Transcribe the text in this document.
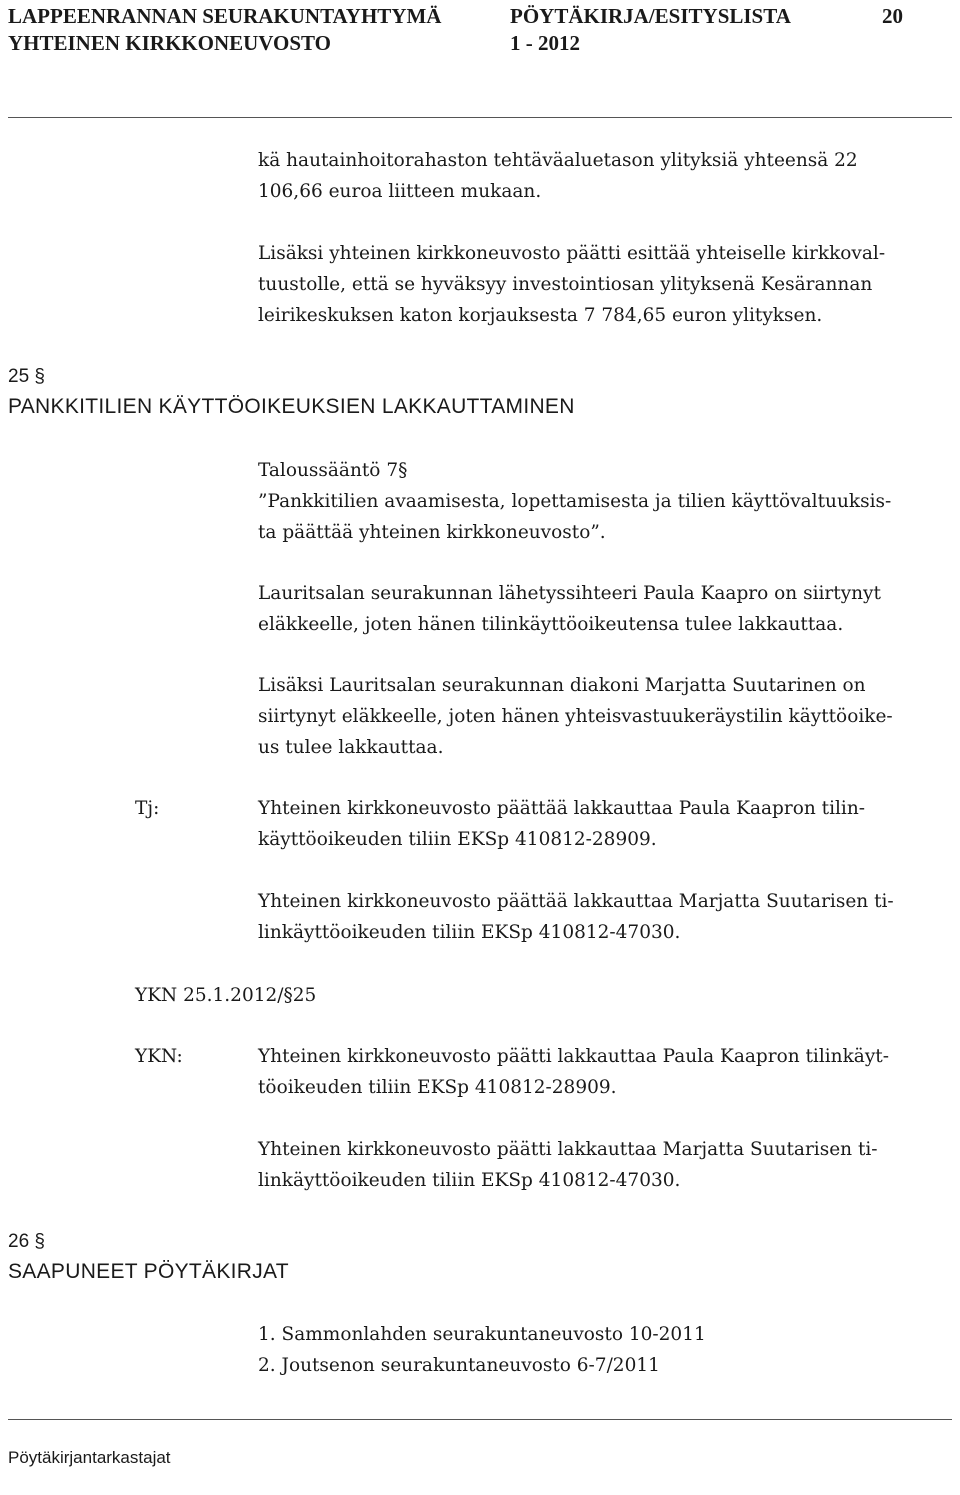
LAPPEENRANNAN SEURAKUNTAYHTYMÄ	PÖYTÄKIRJA/ESITYSLISTA	20
YHTEINEN KIRKKONEUVOSTO	1 - 2012
kä hautainhoitorahaston tehtäväaluetason ylityksiä yhteensä 22
106,66 euroa liitteen mukaan.
Lisäksi yhteinen kirkkoneuvosto päätti esittää yhteiselle kirkkoval-
tuustolle, että se hyväksyy investointiosan ylityksenä Kesärannan
leirikeskuksen katon korjauksesta 7 784,65 euron ylityksen.
25 §
PANKKITILIEN KÄYTTÖOIKEUKSIEN LAKKAUTTAMINEN
Taloussääntö 7§
”Pankkitilien avaamisesta, lopettamisesta ja tilien käyttövaltuuksis-
ta päättää yhteinen kirkkoneuvosto”.
Lauritsalan seurakunnan lähetyssihteeri Paula Kaapro on siirtynyt
eläkkeelle, joten hänen tilinkäyttöoikeutensa tulee lakkauttaa.
Lisäksi Lauritsalan seurakunnan diakoni Marjatta Suutarinen on
siirtynyt eläkkeelle, joten hänen yhteisvastuukeräystilin käyttöoike-
us tulee lakkauttaa.
Tj:	Yhteinen kirkkoneuvosto päättää lakkauttaa Paula Kaapron tilin-
käyttöoikeuden tiliin EKSp 410812-28909.
Yhteinen kirkkoneuvosto päättää lakkauttaa Marjatta Suutarisen ti-
linkäyttöoikeuden tiliin EKSp 410812-47030.
YKN 25.1.2012/§25
YKN:	Yhteinen kirkkoneuvosto päätti lakkauttaa Paula Kaapron tilinkäyt-
töoikeuden tiliin EKSp 410812-28909.
Yhteinen kirkkoneuvosto päätti lakkauttaa Marjatta Suutarisen ti-
linkäyttöoikeuden tiliin EKSp 410812-47030.
26 §
SAAPUNEET PÖYTÄKIRJAT
1. Sammonlahden seurakuntaneuvosto 10-2011
2. Joutsenon seurakuntaneuvosto 6-7/2011
Pöytäkirjantarkastajat
